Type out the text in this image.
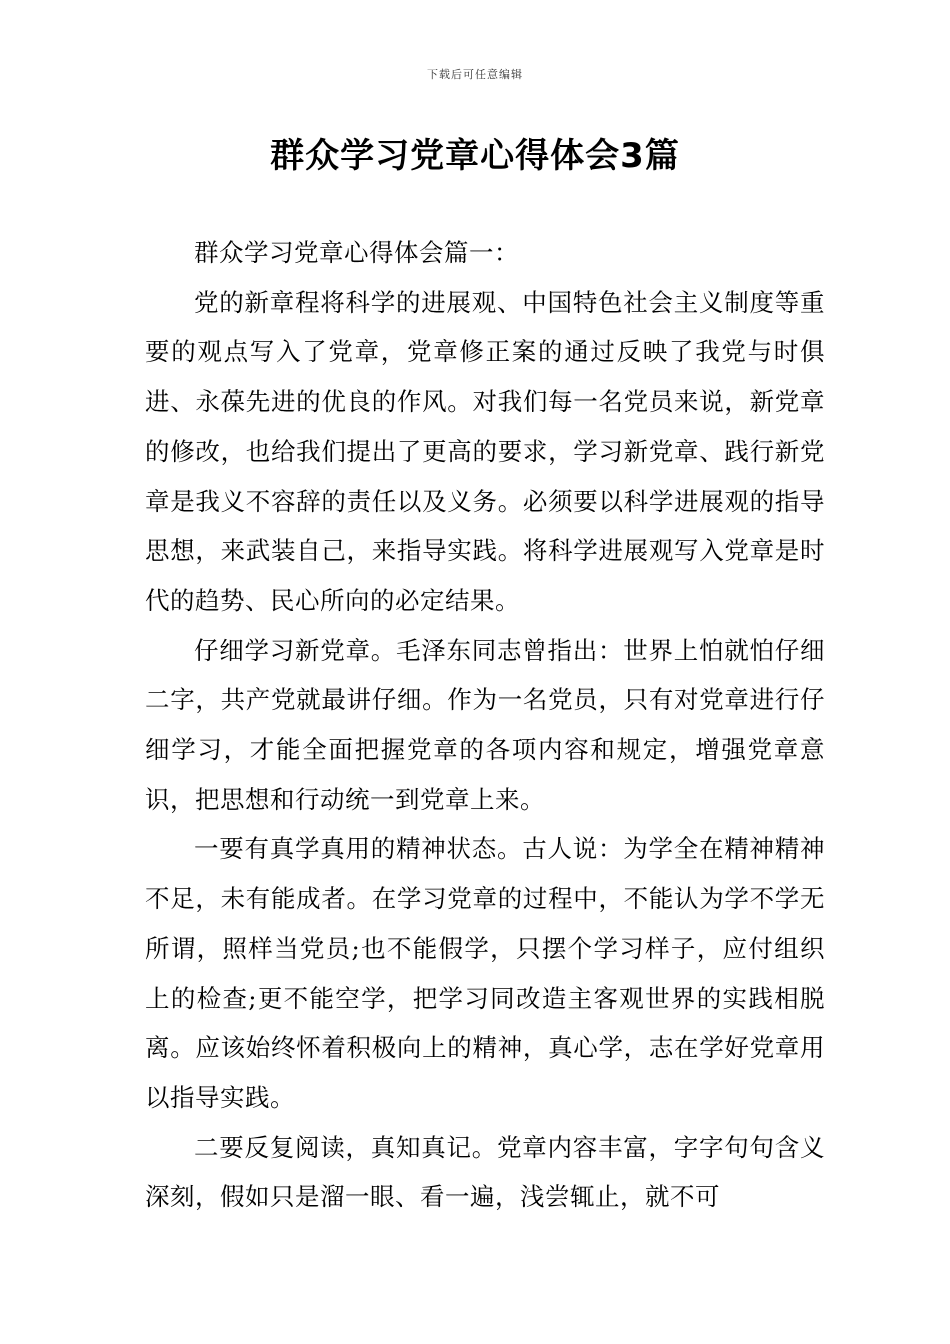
下载后可任意编辑
群众学习党章心得体会3篇

群众学习党章心得体会篇一：

党的新章程将科学的进展观、中国特色社会主义制度等重要的观点写入了党章，党章修正案的通过反映了我党与时俱进、永葆先进的优良的作风。对我们每一名党员来说，新党章的修改，也给我们提出了更高的要求，学习新党章、践行新党章是我义不容辞的责任以及义务。必须要以科学进展观的指导思想，来武装自己，来指导实践。将科学进展观写入党章是时代的趋势、民心所向的必定结果。

仔细学习新党章。毛泽东同志曾指出：世界上怕就怕仔细二字，共产党就最讲仔细。作为一名党员，只有对党章进行仔细学习，才能全面把握党章的各项内容和规定，增强党章意识，把思想和行动统一到党章上来。

一要有真学真用的精神状态。古人说：为学全在精神精神不足，未有能成者。在学习党章的过程中，不能认为学不学无所谓，照样当党员;也不能假学，只摆个学习样子，应付组织上的检查;更不能空学，把学习同改造主客观世界的实践相脱离。应该始终怀着积极向上的精神，真心学，志在学好党章用以指导实践。

二要反复阅读，真知真记。党章内容丰富，字字句句含义深刻，假如只是溜一眼、看一遍，浅尝辄止，就不可
